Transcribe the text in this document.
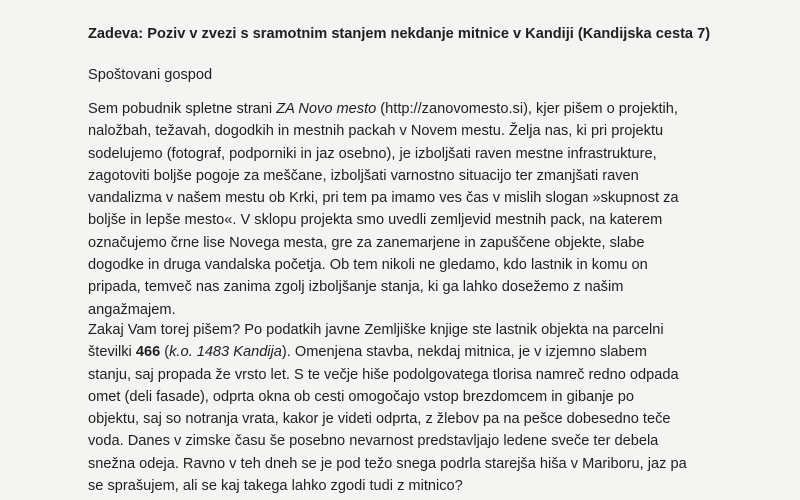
Zadeva: Poziv v zvezi s sramotnim stanjem nekdanje mitnice v Kandiji (Kandijska cesta 7)

Spoštovani gospod

Sem pobudnik spletne strani ZA Novo mesto (http://zanovomesto.si), kjer pišem o projektih,
naložbah, težavah, dogodkih in mestnih packah v Novem mestu. Želja nas, ki pri projektu
sodelujemo (fotograf, podporniki in jaz osebno), je izboljšati raven mestne infrastrukture,
zagotoviti boljše pogoje za meščane, izboljšati varnostno situacijo ter zmanjšati raven
vandalizma v našem mestu ob Krki, pri tem pa imamo ves čas v mislih slogan »skupnost za
boljše in lepše mesto«. V sklopu projekta smo uvedli zemljevid mestnih pack, na katerem
označujemo črne lise Novega mesta, gre za zanemarjene in zapuščene objekte, slabe
dogodke in druga vandalska početja. Ob tem nikoli ne gledamo, kdo lastnik in komu on
pripada, temveč nas zanima zgolj izboljšanje stanja, ki ga lahko dosežemo z našim
angažmajem.
Zakaj Vam torej pišem? Po podatkih javne Zemljiške knjige ste lastnik objekta na parcelni
številki 466 (k.o. 1483 Kandija). Omenjena stavba, nekdaj mitnica, je v izjemno slabem
stanju, saj propada že vrsto let. S te večje hiše podolgovatega tlorisa namreč redno odpada
omet (deli fasade), odprta okna ob cesti omogočajo vstop brezdomcem in gibanje po
objektu, saj so notranja vrata, kakor je videti odprta, z žlebov pa na pešce dobesedno teče
voda. Danes v zimske času še posebno nevarnost predstavljajo ledene sveče ter debela
snežna odeja. Ravno v teh dneh se je pod težo snega podrla starejša hiša v Mariboru, jaz pa
se sprašujem, ali se kaj takega lahko zgodi tudi z mitnico?
